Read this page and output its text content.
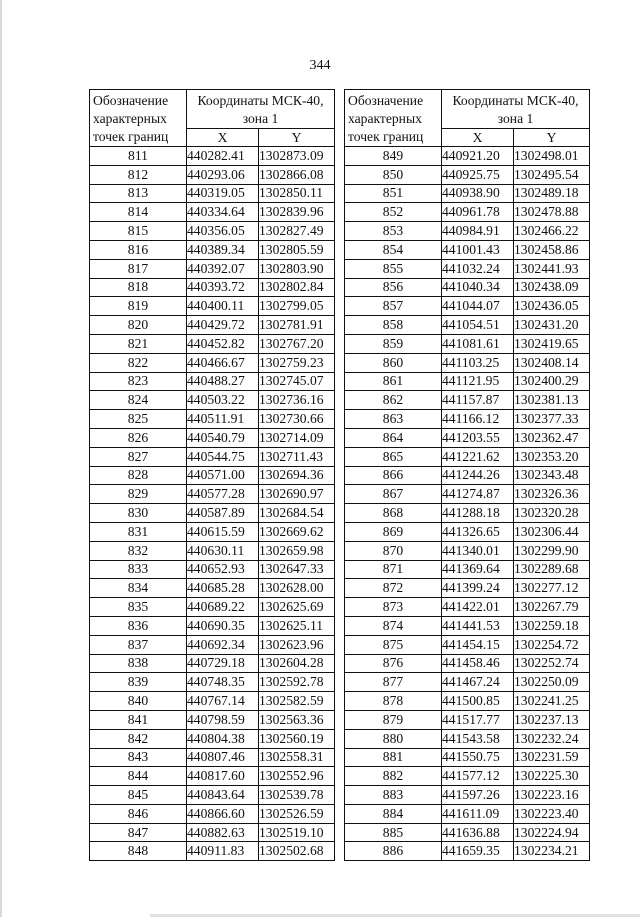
344
Обозначение характерных точек границ	Координаты МСК-40, зона 1	
	X	Y
811	440282.41	1302873.09
812	440293.06	1302866.08
813	440319.05	1302850.11
814	440334.64	1302839.96
815	440356.05	1302827.49
816	440389.34	1302805.59
817	440392.07	1302803.90
818	440393.72	1302802.84
819	440400.11	1302799.05
820	440429.72	1302781.91
821	440452.82	1302767.20
822	440466.67	1302759.23
823	440488.27	1302745.07
824	440503.22	1302736.16
825	440511.91	1302730.66
826	440540.79	1302714.09
827	440544.75	1302711.43
828	440571.00	1302694.36
829	440577.28	1302690.97
830	440587.89	1302684.54
831	440615.59	1302669.62
832	440630.11	1302659.98
833	440652.93	1302647.33
834	440685.28	1302628.00
835	440689.22	1302625.69
836	440690.35	1302625.11
837	440692.34	1302623.96
838	440729.18	1302604.28
839	440748.35	1302592.78
840	440767.14	1302582.59
841	440798.59	1302563.36
842	440804.38	1302560.19
843	440807.46	1302558.31
844	440817.60	1302552.96
845	440843.64	1302539.78
846	440866.60	1302526.59
847	440882.63	1302519.10
848	440911.83	1302502.68
Обозначение характерных точек границ	Координаты МСК-40, зона 1	
	X	Y
849	440921.20	1302498.01
850	440925.75	1302495.54
851	440938.90	1302489.18
852	440961.78	1302478.88
853	440984.91	1302466.22
854	441001.43	1302458.86
855	441032.24	1302441.93
856	441040.34	1302438.09
857	441044.07	1302436.05
858	441054.51	1302431.20
859	441081.61	1302419.65
860	441103.25	1302408.14
861	441121.95	1302400.29
862	441157.87	1302381.13
863	441166.12	1302377.33
864	441203.55	1302362.47
865	441221.62	1302353.20
866	441244.26	1302343.48
867	441274.87	1302326.36
868	441288.18	1302320.28
869	441326.65	1302306.44
870	441340.01	1302299.90
871	441369.64	1302289.68
872	441399.24	1302277.12
873	441422.01	1302267.79
874	441441.53	1302259.18
875	441454.15	1302254.72
876	441458.46	1302252.74
877	441467.24	1302250.09
878	441500.85	1302241.25
879	441517.77	1302237.13
880	441543.58	1302232.24
881	441550.75	1302231.59
882	441577.12	1302225.30
883	441597.26	1302223.16
884	441611.09	1302223.40
885	441636.88	1302224.94
886	441659.35	1302234.21
